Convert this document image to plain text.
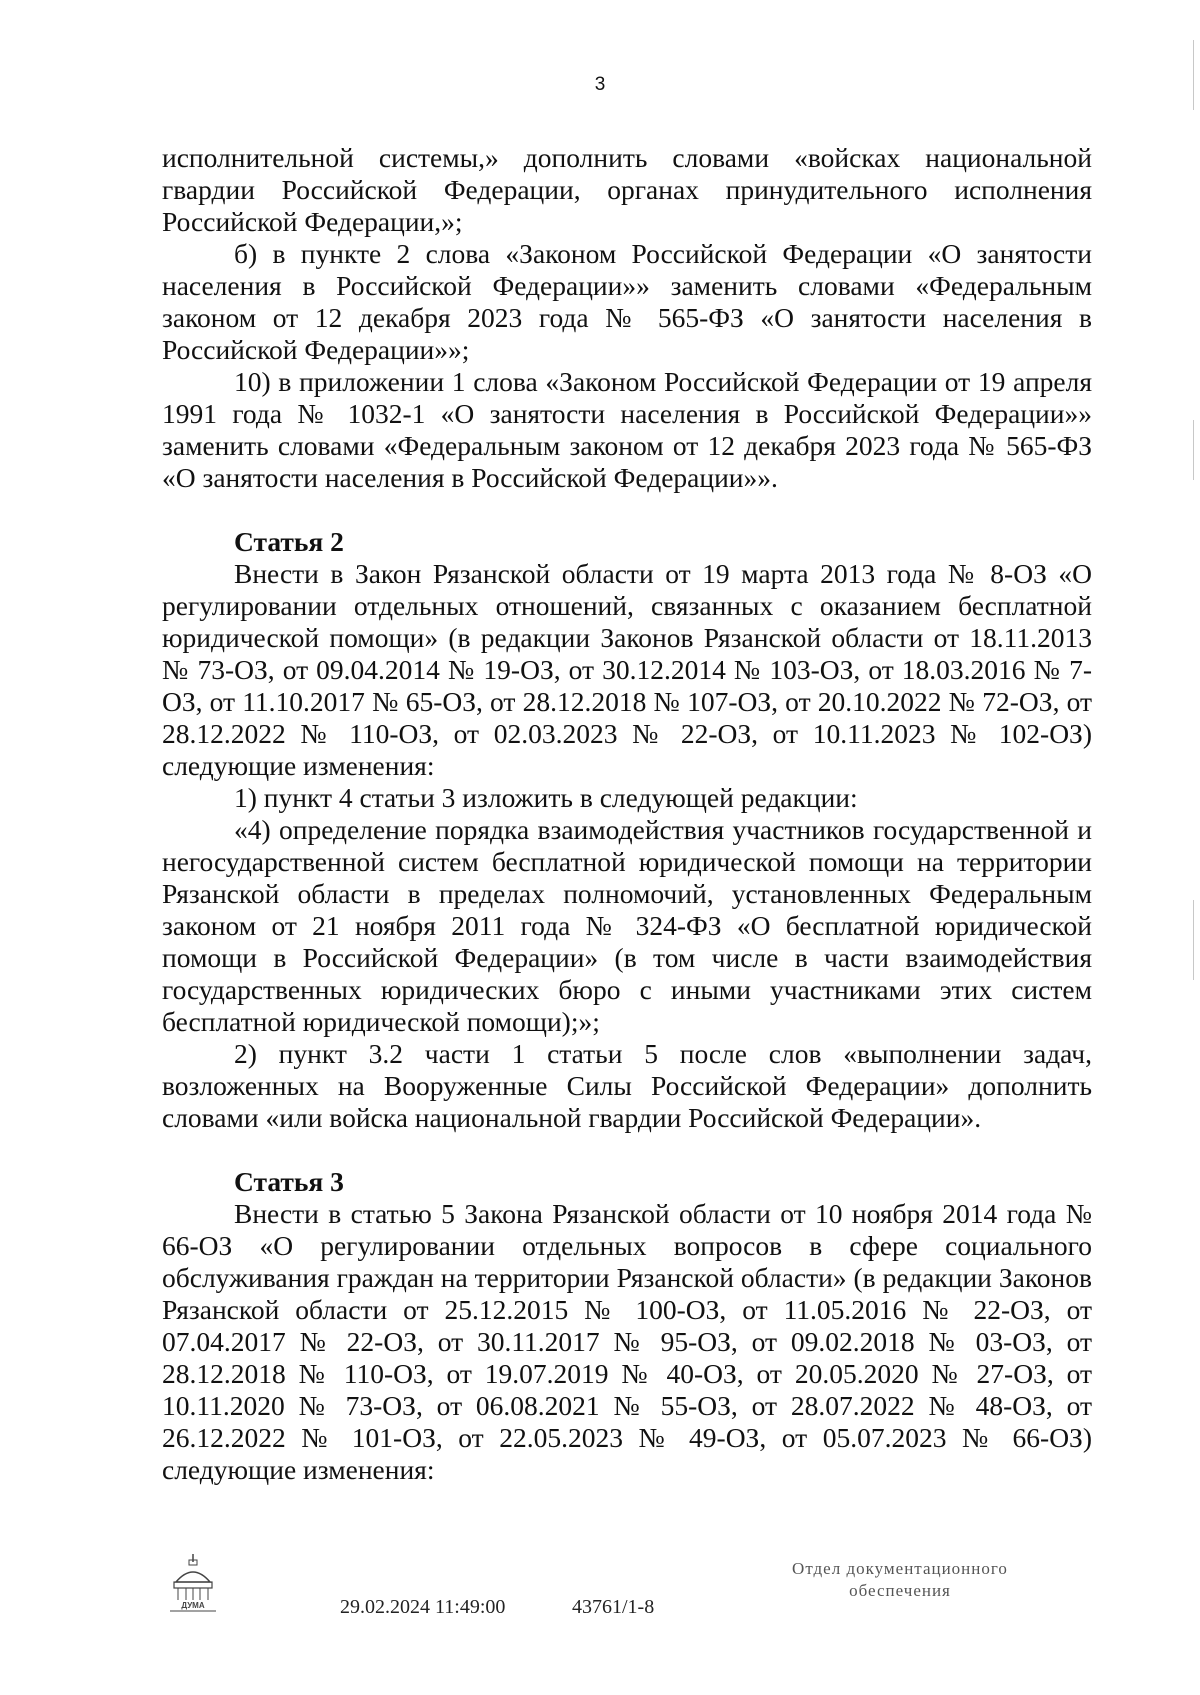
3

исполнительной системы,» дополнить словами «войсках национальной гвардии Российской Федерации, органах принудительного исполнения Российской Федерации,»;

б) в пункте 2 слова «Законом Российской Федерации «О занятости населения в Российской Федерации»» заменить словами «Федеральным законом от 12 декабря 2023 года № 565-ФЗ «О занятости населения в Российской Федерации»»;

10) в приложении 1 слова «Законом Российской Федерации от 19 апреля 1991 года № 1032-1 «О занятости населения в Российской Федерации»» заменить словами «Федеральным законом от 12 декабря 2023 года № 565-ФЗ «О занятости населения в Российской Федерации»».

Статья 2

Внести в Закон Рязанской области от 19 марта 2013 года № 8-ОЗ «О регулировании отдельных отношений, связанных с оказанием бесплатной юридической помощи» (в редакции Законов Рязанской области от 18.11.2013 № 73-ОЗ, от 09.04.2014 № 19-ОЗ, от 30.12.2014 № 103-ОЗ, от 18.03.2016 № 7-ОЗ, от 11.10.2017 № 65-ОЗ, от 28.12.2018 № 107-ОЗ, от 20.10.2022 № 72-ОЗ, от 28.12.2022 № 110-ОЗ, от 02.03.2023 № 22-ОЗ, от 10.11.2023 № 102-ОЗ) следующие изменения:

1) пункт 4 статьи 3 изложить в следующей редакции:

«4) определение порядка взаимодействия участников государственной и негосударственной систем бесплатной юридической помощи на территории Рязанской области в пределах полномочий, установленных Федеральным законом от 21 ноября 2011 года № 324-ФЗ «О бесплатной юридической помощи в Российской Федерации» (в том числе в части взаимодействия государственных юридических бюро с иными участниками этих систем бесплатной юридической помощи);»;

2) пункт 3.2 части 1 статьи 5 после слов «выполнении задач, возложенных на Вооруженные Силы Российской Федерации» дополнить словами «или войска национальной гвардии Российской Федерации».

Статья 3

Внести в статью 5 Закона Рязанской области от 10 ноября 2014 года № 66-ОЗ «О регулировании отдельных вопросов в сфере социального обслуживания граждан на территории Рязанской области» (в редакции Законов Рязанской области от 25.12.2015 № 100-ОЗ, от 11.05.2016 № 22-ОЗ, от 07.04.2017 № 22-ОЗ, от 30.11.2017 № 95-ОЗ, от 09.02.2018 № 03-ОЗ, от 28.12.2018 № 110-ОЗ, от 19.07.2019 № 40-ОЗ, от 20.05.2020 № 27-ОЗ, от 10.11.2020 № 73-ОЗ, от 06.08.2021 № 55-ОЗ, от 28.07.2022 № 48-ОЗ, от 26.12.2022 № 101-ОЗ, от 22.05.2023 № 49-ОЗ, от 05.07.2023 № 66-ОЗ) следующие изменения:

ДУМА	29.02.2024 11:49:00	43761/1-8
Отдел документационного
обеспечения
